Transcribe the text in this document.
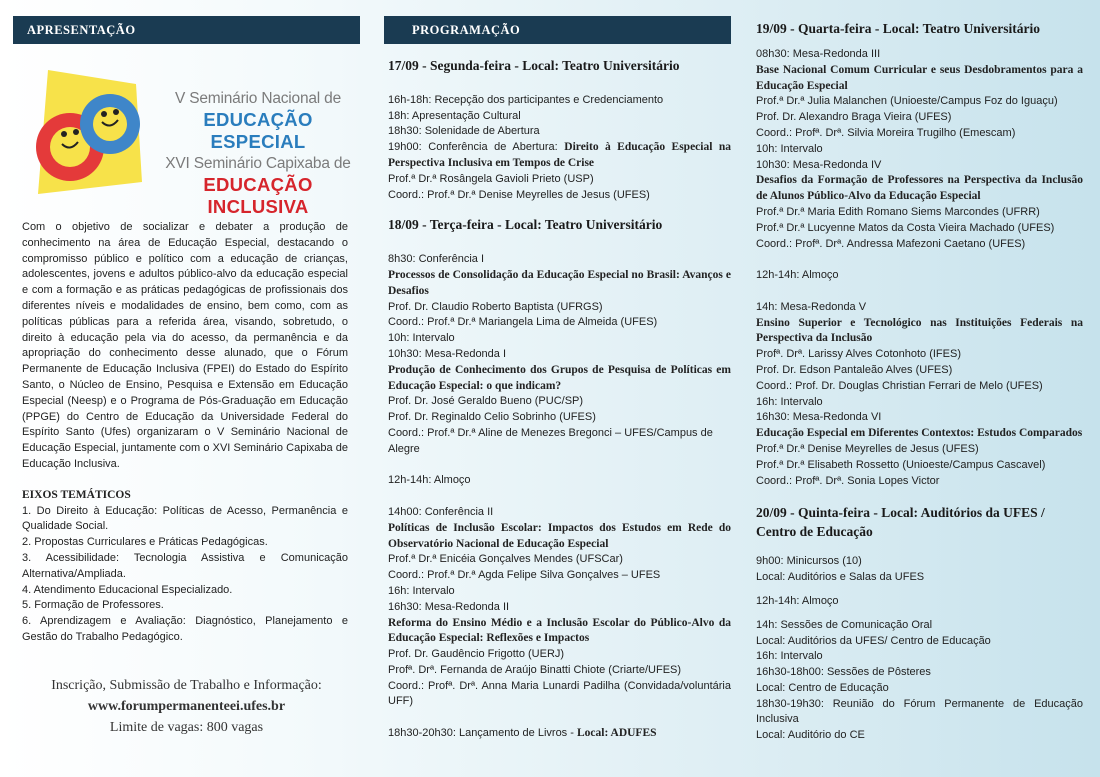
APRESENTAÇÃO
V Seminário Nacional de
EDUCAÇÃO ESPECIAL
XVI Seminário Capixaba de
EDUCAÇÃO INCLUSIVA

Com o objetivo de socializar e debater a produção de conhecimento na área de Educação Especial, destacando o compromisso público e político com a educação de crianças, adolescentes, jovens e adultos público-alvo da educação especial e com a formação e as práticas pedagógicas de profissionais dos diferentes níveis e modalidades de ensino, bem como, com as políticas públicas para a referida área, visando, sobretudo, o direito à educação pela via do acesso, da permanência e da apropriação do conhecimento desse alunado, que o Fórum Permanente de Educação Inclusiva (FPEI) do Estado do Espírito Santo, o Núcleo de Ensino, Pesquisa e Extensão em Educação Especial (Neesp) e o Programa de Pós-Graduação em Educação (PPGE) do Centro de Educação da Universidade Federal do Espírito Santo (Ufes) organizaram o V Seminário Nacional de Educação Especial, juntamente com o XVI Seminário Capixaba de Educação Inclusiva.

EIXOS TEMÁTICOS
1. Do Direito à Educação: Políticas de Acesso, Permanência e Qualidade Social.
2. Propostas Curriculares e Práticas Pedagógicas.
3. Acessibilidade: Tecnologia Assistiva e Comunicação Alternativa/Ampliada.
4. Atendimento Educacional Especializado.
5. Formação de Professores.
6. Aprendizagem e Avaliação: Diagnóstico, Planejamento e Gestão do Trabalho Pedagógico.
Inscrição, Submissão de Trabalho e Informação:
www.forumpermanenteei.ufes.br
Limite de vagas: 800 vagas
PROGRAMAÇÃO
17/09 - Segunda-feira - Local: Teatro Universitário
16h-18h: Recepção dos participantes e Credenciamento
18h: Apresentação Cultural
18h30: Solenidade de Abertura
19h00: Conferência de Abertura: Direito à Educação Especial na Perspectiva Inclusiva em Tempos de Crise
Prof.ª Dr.ª Rosângela Gavioli Prieto (USP)
Coord.: Prof.ª Dr.ª Denise Meyrelles de Jesus (UFES)
18/09 - Terça-feira - Local: Teatro Universitário
8h30: Conferência I
Processos de Consolidação da Educação Especial no Brasil: Avanços e Desafios
Prof. Dr. Claudio Roberto Baptista (UFRGS)
Coord.: Prof.ª Dr.ª Mariangela Lima de Almeida (UFES)
10h: Intervalo
10h30: Mesa-Redonda I
Produção de Conhecimento dos Grupos de Pesquisa de Políticas em Educação Especial: o que indicam?
Prof. Dr. José Geraldo Bueno (PUC/SP)
Prof. Dr. Reginaldo Celio Sobrinho (UFES)
Coord.: Prof.ª Dr.ª Aline de Menezes Bregonci – UFES/Campus de Alegre
12h-14h: Almoço
14h00: Conferência II
Políticas de Inclusão Escolar: Impactos dos Estudos em Rede do Observatório Nacional de Educação Especial
Prof.ª Dr.ª Enicéia Gonçalves Mendes (UFSCar)
Coord.: Prof.ª Dr.ª Agda Felipe Silva Gonçalves – UFES
16h: Intervalo
16h30: Mesa-Redonda II
Reforma do Ensino Médio e a Inclusão Escolar do Público-Alvo da Educação Especial: Reflexões e Impactos
Prof. Dr. Gaudêncio Frigotto (UERJ)
Profª. Drª. Fernanda de Araújo Binatti Chiote (Criarte/UFES)
Coord.: Profª. Drª. Anna Maria Lunardi Padilha (Convidada/voluntária UFF)
18h30-20h30: Lançamento de Livros - Local: ADUFES
19/09 - Quarta-feira - Local: Teatro Universitário
08h30: Mesa-Redonda III
Base Nacional Comum Curricular e seus Desdobramentos para a Educação Especial
Prof.ª Dr.ª Julia Malanchen (Unioeste/Campus Foz do Iguaçu)
Prof. Dr. Alexandro Braga Vieira (UFES)
Coord.: Profª. Drª. Silvia Moreira Trugilho (Emescam)
10h: Intervalo
10h30: Mesa-Redonda IV
Desafios da Formação de Professores na Perspectiva da Inclusão de Alunos Público-Alvo da Educação Especial
Prof.ª Dr.ª Maria Edith Romano Siems Marcondes (UFRR)
Prof.ª Dr.ª Lucyenne Matos da Costa Vieira Machado (UFES)
Coord.: Profª. Drª. Andressa Mafezoni Caetano (UFES)
12h-14h: Almoço
14h: Mesa-Redonda V
Ensino Superior e Tecnológico nas Instituições Federais na Perspectiva da Inclusão
Profª. Drª. Larissy Alves Cotonhoto (IFES)
Prof. Dr. Edson Pantaleão Alves (UFES)
Coord.: Prof. Dr. Douglas Christian Ferrari de Melo (UFES)
16h: Intervalo
16h30: Mesa-Redonda VI
Educação Especial em Diferentes Contextos: Estudos Comparados
Prof.ª Dr.ª Denise Meyrelles de Jesus (UFES)
Prof.ª Dr.ª Elisabeth Rossetto (Unioeste/Campus Cascavel)
Coord.: Profª. Drª. Sonia Lopes Victor
20/09 - Quinta-feira - Local: Auditórios da UFES / Centro de Educação
9h00: Minicursos (10)
Local: Auditórios e Salas da UFES
12h-14h: Almoço
14h: Sessões de Comunicação Oral
Local: Auditórios da UFES/ Centro de Educação
16h: Intervalo
16h30-18h00: Sessões de Pôsteres
Local: Centro de Educação
18h30-19h30: Reunião do Fórum Permanente de Educação Inclusiva
Local: Auditório do CE
